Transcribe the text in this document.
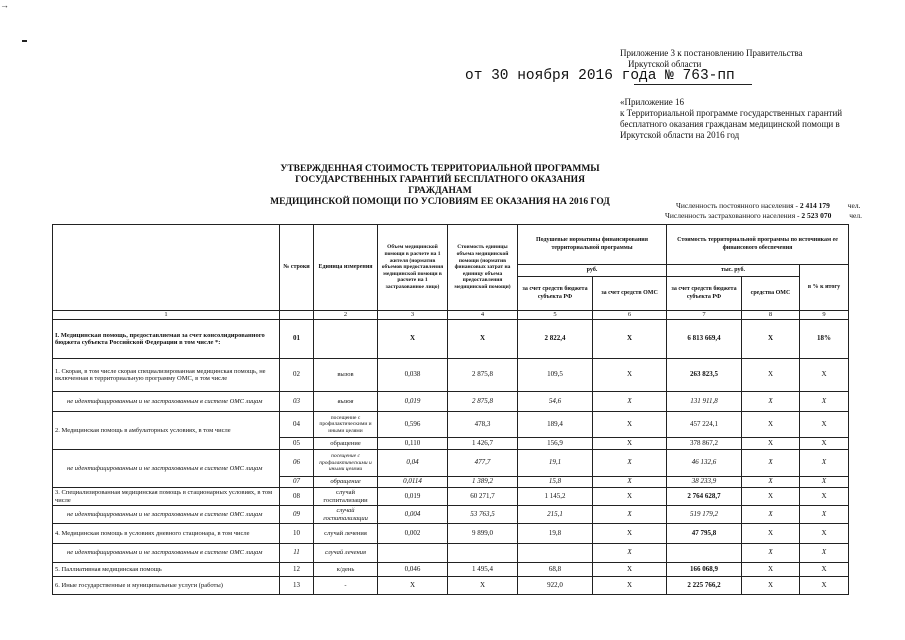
→
Приложение 3 к постановлению Правительства
Иркутской области
от 30 ноября 2016 года № 763-пп
«Приложение 16
к Территориальной программе государственных гарантий
бесплатного оказания гражданам медицинской помощи в
Иркутской области на 2016 год
УТВЕРЖДЕННАЯ СТОИМОСТЬ ТЕРРИТОРИАЛЬНОЙ ПРОГРАММЫ
ГОСУДАРСТВЕННЫХ ГАРАНТИЙ БЕСПЛАТНОГО ОКАЗАНИЯ ГРАЖДАНАМ
МЕДИЦИНСКОЙ ПОМОЩИ ПО УСЛОВИЯМ ЕЕ ОКАЗАНИЯ НА 2016 ГОД	Численность постоянного населения - 2 414 179 чел.
Численность застрахованного населения - 2 523 070 чел.
	№ строки	Единица измерения	Объем медицинской помощи в расчете на 1 жителя (норматив объемов предоставления медицинской помощи в расчете на 1 застрахованное лицо)	Стоимость единицы объема медицинской помощи (норматив финансовых затрат на единицу объема предоставления медицинской помощи)	Подушевые нормативы финансирования территориальной программы		Стоимость территориальной программы по источникам ее финансового обеспечения		
					руб.		тыс. руб.		в % к итогу
					за счет средств бюджета субъекта РФ	за счет средств ОМС	за счет средств бюджета субъекта РФ	средства ОМС	
1		2	3	4	5	6	7	8	9
I. Медицинская помощь, предоставляемая за счет консолидированного бюджета субъекта Российской Федерации в том числе *:	01		Х	Х	2 822,4	Х	6 813 669,4	Х	18%
1. Скорая, в том числе скорая специализированная медицинская помощь, не включенная в территориальную программу ОМС, в том числе	02	вызов	0,038	2 875,8	109,5	Х	263 823,5	Х	Х
не идентифицированным и не застрахованным в системе ОМС лицам	03	вызов	0,019	2 875,8	54,6	Х	131 911,8	Х	Х
2. Медицинская помощь в амбулаторных условиях, в том числе	04	посещение с профилактическими и иными целями	0,596	478,3	189,4	Х	457 224,1	Х	Х
	05	обращение	0,110	1 426,7	156,9	Х	378 867,2	Х	Х
не идентифицированным и не застрахованным в системе ОМС лицам	06	посещение с профилактическими и иными целями	0,04	477,7	19,1	Х	46 132,6	Х	Х
	07	обращение	0,0114	1 389,2	15,8	Х	38 233,9	Х	Х
3. Специализированная медицинская помощь в стационарных условиях, в том числе	08	случай госпитализации	0,019	60 271,7	1 145,2	Х	2 764 628,7	Х	Х
не идентифицированным и не застрахованным в системе ОМС лицам	09	случай госпитализации	0,004	53 763,5	215,1	Х	519 179,2	Х	Х
4. Медицинская помощь в условиях дневного стационара, в том числе	10	случай лечения	0,002	9 899,0	19,8	Х	47 795,8	Х	Х
не идентифицированным и не застрахованным в системе ОМС лицам	11	случай лечения				Х		Х	Х
5. Паллиативная медицинская помощь	12	к/день	0,046	1 495,4	68,8	Х	166 068,9	Х	Х
6. Иные государственные и муниципальные услуги (работы)	13	-	Х	Х	922,0	Х	2 225 766,2	Х	Х
